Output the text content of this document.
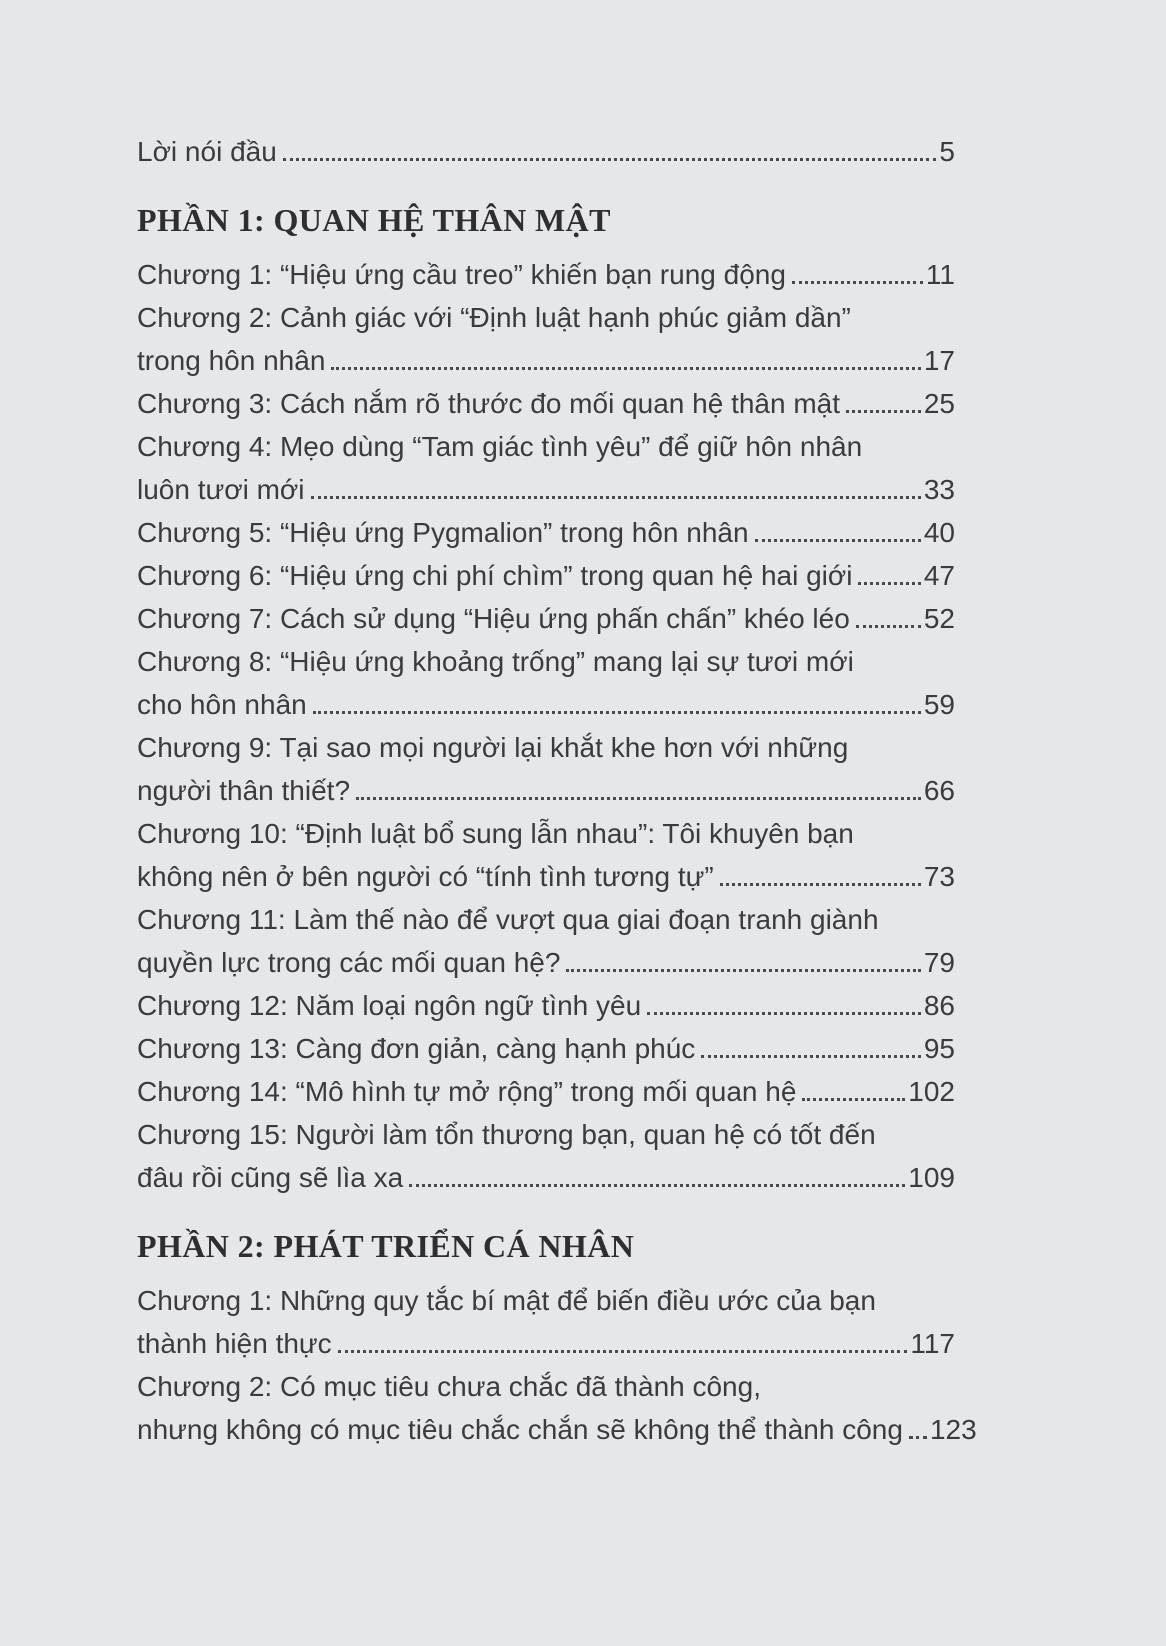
Lời nói đầu	5
PHẦN 1: QUAN HỆ THÂN MẬT
Chương 1: “Hiệu ứng cầu treo” khiến bạn rung động	11
Chương 2: Cảnh giác với “Định luật hạnh phúc giảm dần”
trong hôn nhân	17
Chương 3: Cách nắm rõ thước đo mối quan hệ thân mật	25
Chương 4: Mẹo dùng “Tam giác tình yêu” để giữ hôn nhân
luôn tươi mới	33
Chương 5: “Hiệu ứng Pygmalion” trong hôn nhân	40
Chương 6: “Hiệu ứng chi phí chìm” trong quan hệ hai giới	47
Chương 7: Cách sử dụng “Hiệu ứng phấn chấn” khéo léo	52
Chương 8: “Hiệu ứng khoảng trống” mang lại sự tươi mới
cho hôn nhân	59
Chương 9: Tại sao mọi người lại khắt khe hơn với những
người thân thiết?	66
Chương 10: “Định luật bổ sung lẫn nhau”: Tôi khuyên bạn
không nên ở bên người có “tính tình tương tự”	73
Chương 11: Làm thế nào để vượt qua giai đoạn tranh giành
quyền lực trong các mối quan hệ?	79
Chương 12: Năm loại ngôn ngữ tình yêu	86
Chương 13: Càng đơn giản, càng hạnh phúc	95
Chương 14: “Mô hình tự mở rộng” trong mối quan hệ	102
Chương 15: Người làm tổn thương bạn, quan hệ có tốt đến
đâu rồi cũng sẽ lìa xa	109
PHẦN 2: PHÁT TRIỂN CÁ NHÂN
Chương 1: Những quy tắc bí mật để biến điều ước của bạn
thành hiện thực	117
Chương 2: Có mục tiêu chưa chắc đã thành công,
nhưng không có mục tiêu chắc chắn sẽ không thể thành công 123
